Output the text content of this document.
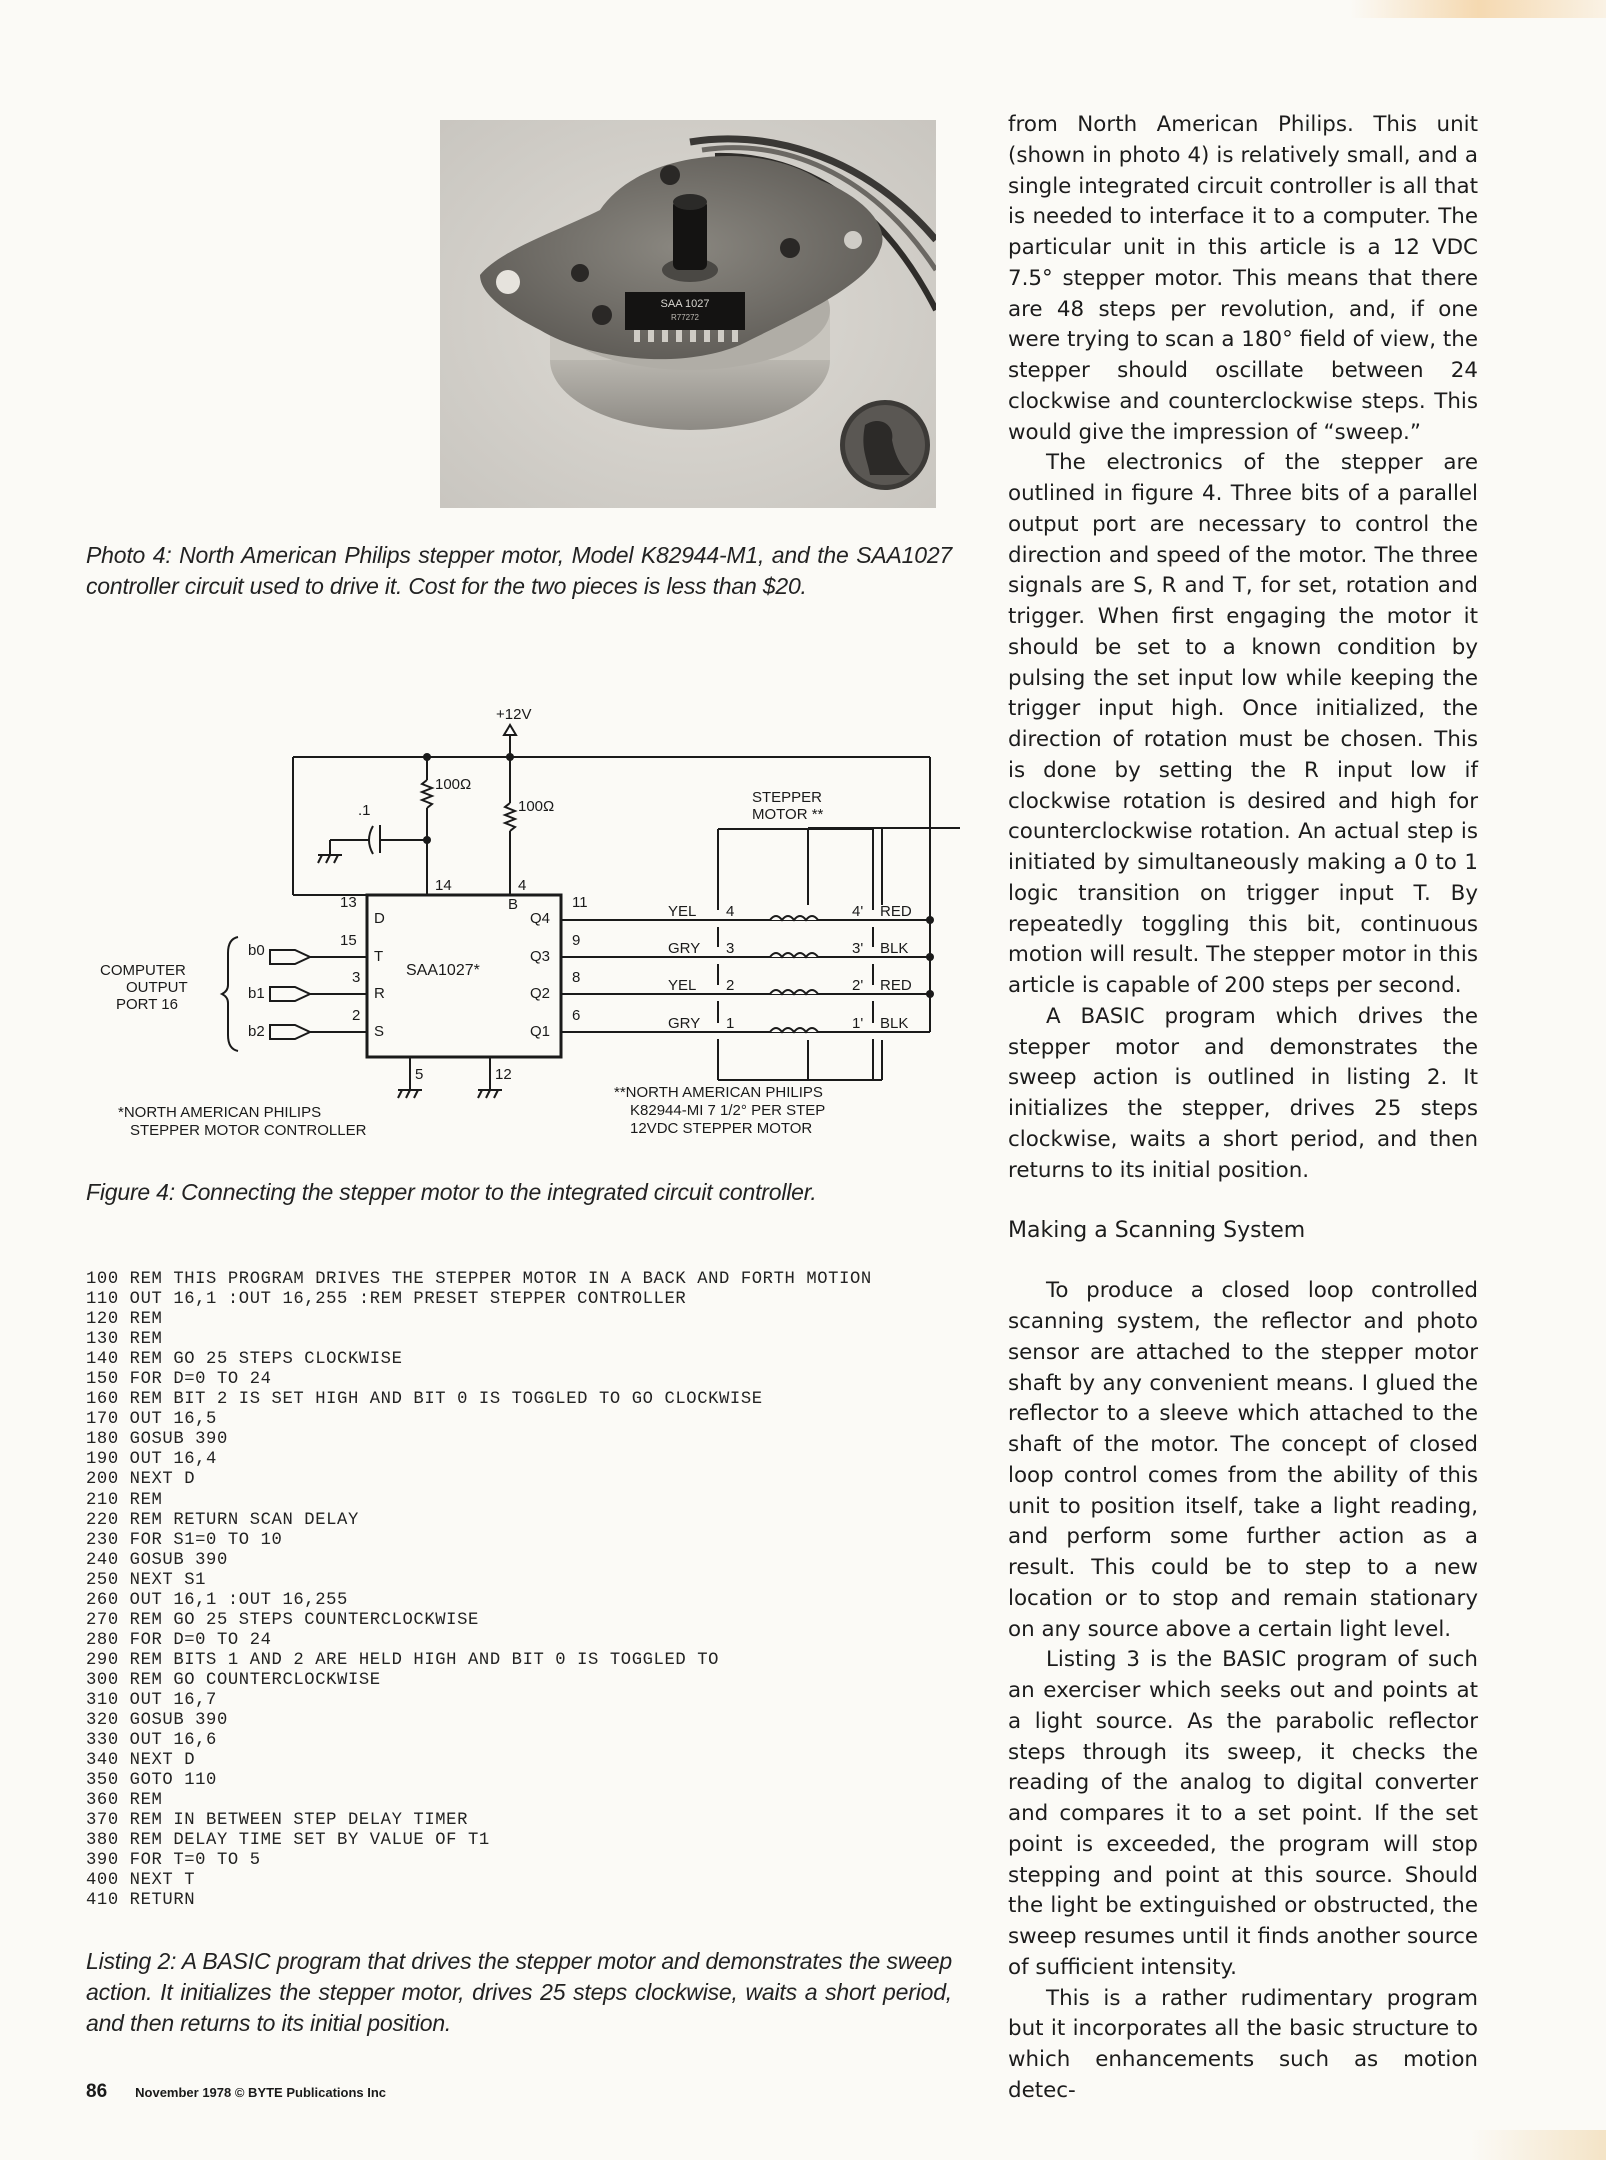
SAA 1027
R77272
Photo 4: North American Philips stepper motor, Model K82944-M1, and the SAA1027 controller circuit used to drive it. Cost for the two pieces is less than $20.
+12V
100Ω
100Ω
.1
14	4
13
15
3
2
5	12
11
9
8
6
D
T
R
S
B
Q4
Q3
Q2
Q1
SAA1027*
b0
b1
b2
COMPUTER
OUTPUT
PORT 16
STEPPER
MOTOR **
YEL 4	4' RED
GRY 3	3' BLK
YEL 2	2' RED
GRY 1	1' BLK
*NORTH AMERICAN PHILIPS
STEPPER MOTOR CONTROLLER
**NORTH AMERICAN PHILIPS
K82944-MI 7 1/2° PER STEP
12VDC STEPPER MOTOR
Figure 4: Connecting the stepper motor to the integrated circuit controller.
100 REM THIS PROGRAM DRIVES THE STEPPER MOTOR IN A BACK AND FORTH MOTION
110 OUT 16,1 :OUT 16,255 :REM PRESET STEPPER CONTROLLER
120 REM
130 REM
140 REM GO 25 STEPS CLOCKWISE
150 FOR D=0 TO 24
160 REM BIT 2 IS SET HIGH AND BIT 0 IS TOGGLED TO GO CLOCKWISE
170 OUT 16,5
180 GOSUB 390
190 OUT 16,4
200 NEXT D
210 REM
220 REM RETURN SCAN DELAY
230 FOR S1=0 TO 10
240 GOSUB 390
250 NEXT S1
260 OUT 16,1 :OUT 16,255
270 REM GO 25 STEPS COUNTERCLOCKWISE
280 FOR D=0 TO 24
290 REM BITS 1 AND 2 ARE HELD HIGH AND BIT 0 IS TOGGLED TO
300 REM GO COUNTERCLOCKWISE
310 OUT 16,7
320 GOSUB 390
330 OUT 16,6
340 NEXT D
350 GOTO 110
360 REM
370 REM IN BETWEEN STEP DELAY TIMER
380 REM DELAY TIME SET BY VALUE OF T1
390 FOR T=0 TO 5
400 NEXT T
410 RETURN
Listing 2: A BASIC program that drives the stepper motor and demonstrates the sweep action. It initializes the stepper motor, drives 25 steps clockwise, waits a short period, and then returns to its initial position.

from North American Philips. This unit (shown in photo 4) is relatively small, and a single integrated circuit controller is all that is needed to interface it to a computer. The particular unit in this article is a 12 VDC 7.5° stepper motor. This means that there are 48 steps per revolution, and, if one were trying to scan a 180° field of view, the stepper should oscillate between 24 clockwise and counterclockwise steps. This would give the impression of “sweep.”

The electronics of the stepper are outlined in figure 4. Three bits of a parallel output port are necessary to control the direction and speed of the motor. The three signals are S, R and T, for set, rotation and trigger. When first engaging the motor it should be set to a known condition by pulsing the set input low while keeping the trigger input high. Once initialized, the direction of rotation must be chosen. This is done by setting the R input low if clockwise rotation is desired and high for counterclockwise rotation. An actual step is initiated by simultaneously making a 0 to 1 logic transition on trigger input T. By repeatedly toggling this bit, continuous motion will result. The stepper motor in this article is capable of 200 steps per second.

A BASIC program which drives the stepper motor and demonstrates the sweep action is outlined in listing 2. It initializes the stepper, drives 25 steps clockwise, waits a short period, and then returns to its initial position.

Making a Scanning System

To produce a closed loop controlled scanning system, the reflector and photo sensor are attached to the stepper motor shaft by any convenient means. I glued the reflector to a sleeve which attached to the shaft of the motor. The concept of closed loop control comes from the ability of this unit to position itself, take a light reading, and perform some further action as a result. This could be to step to a new location or to stop and remain stationary on any source above a certain light level.

Listing 3 is the BASIC program of such an exerciser which seeks out and points at a light source. As the parabolic reflector steps through its sweep, it checks the reading of the analog to digital converter and compares it to a set point. If the set point is exceeded, the program will stop stepping and point at this source. Should the light be extinguished or obstructed, the sweep resumes until it finds another source of sufficient intensity.

This is a rather rudimentary program but it incorporates all the basic structure to which enhancements such as motion detec-

86 November 1978 © BYTE Publications Inc
